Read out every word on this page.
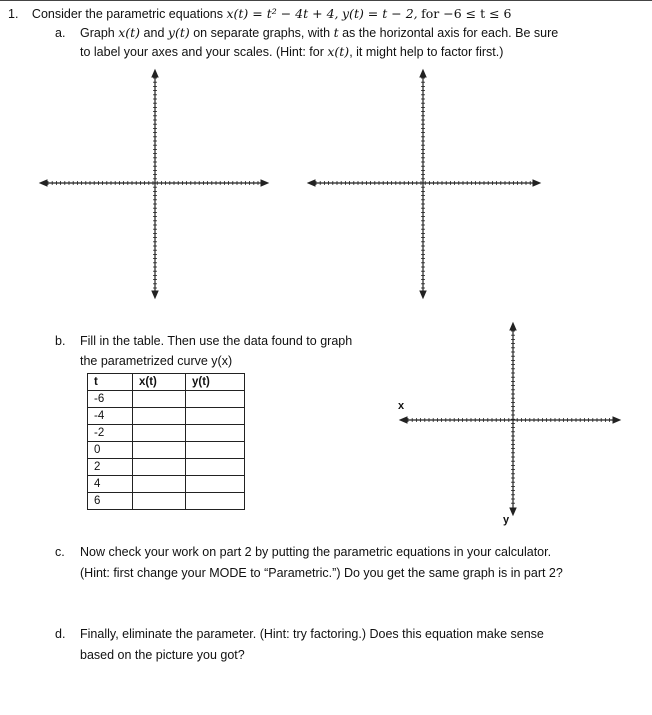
1. Consider the parametric equations x(t) = t² − 4t + 4, y(t) = t − 2, for −6 ≤ t ≤ 6
a. Graph x(t) and y(t) on separate graphs, with t as the horizontal axis for each. Be sure
to label your axes and your scales. (Hint: for x(t), it might help to factor first.)
b. Fill in the table. Then use the data found to graph
the parametrized curve y(x)
t	x(t)	y(t)
-6		
-4		
-2		
0		
2		
4		
6		
x
y
c. Now check your work on part 2 by putting the parametric equations in your calculator.
(Hint: first change your MODE to “Parametric.”) Do you get the same graph is in part 2?
d. Finally, eliminate the parameter. (Hint: try factoring.) Does this equation make sense
based on the picture you got?
